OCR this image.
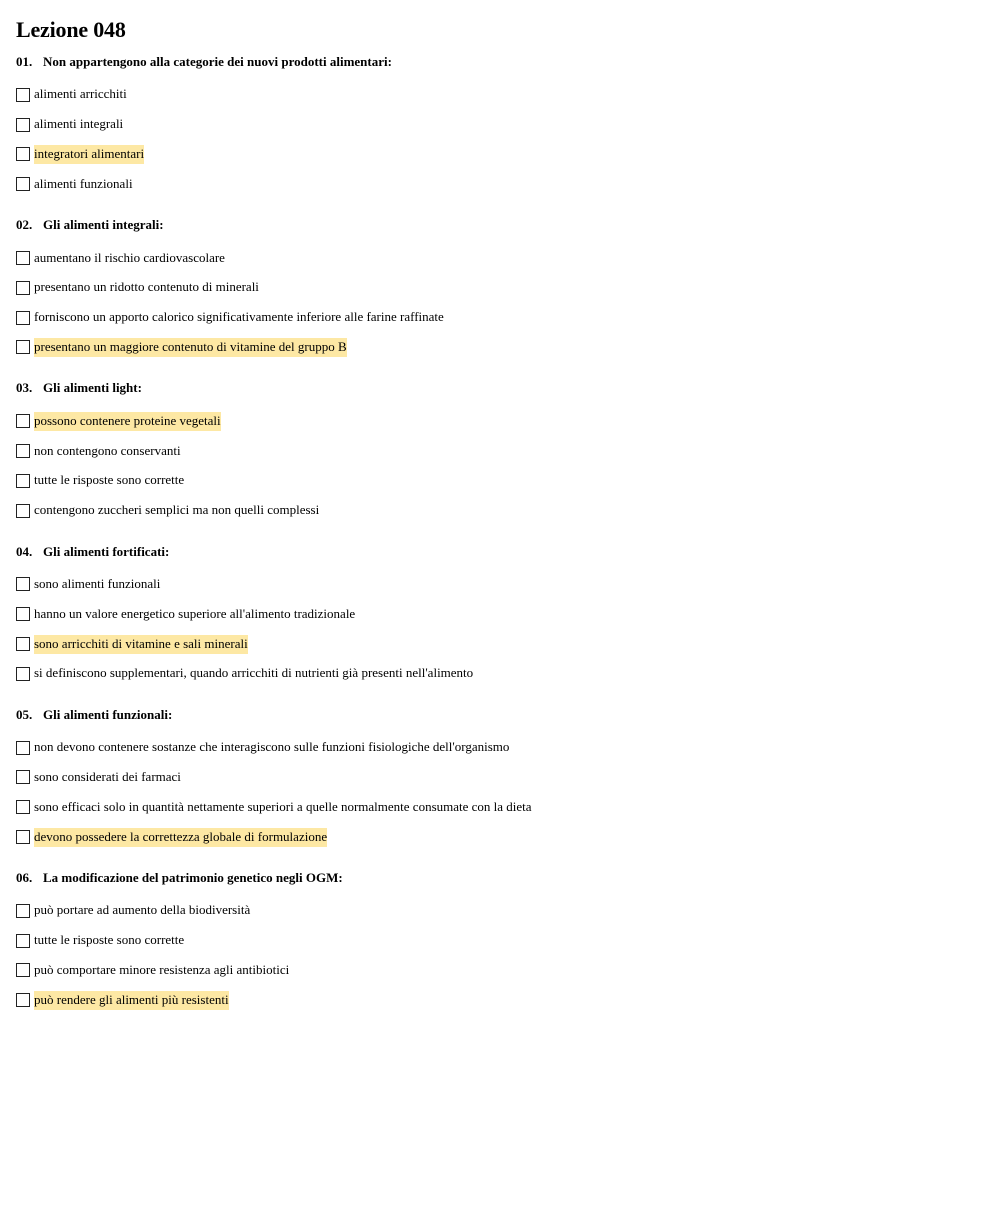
Lezione 048
01. Non appartengono alla categorie dei nuovi prodotti alimentari:
alimenti arricchiti
alimenti integrali
integratori alimentari
alimenti funzionali
02. Gli alimenti integrali:
aumentano il rischio cardiovascolare
presentano un ridotto contenuto di minerali
forniscono un apporto calorico significativamente inferiore alle farine raffinate
presentano un maggiore contenuto di vitamine del gruppo B
03. Gli alimenti light:
possono contenere proteine vegetali
non contengono conservanti
tutte le risposte sono corrette
contengono zuccheri semplici ma non quelli complessi
04. Gli alimenti fortificati:
sono alimenti funzionali
hanno un valore energetico superiore all'alimento tradizionale
sono arricchiti di vitamine e sali minerali
si definiscono supplementari, quando arricchiti di nutrienti già presenti nell'alimento
05. Gli alimenti funzionali:
non devono contenere sostanze che interagiscono sulle funzioni fisiologiche dell'organismo
sono considerati dei farmaci
sono efficaci solo in quantità nettamente superiori a quelle normalmente consumate con la dieta
devono possedere la correttezza globale di formulazione
06. La modificazione del patrimonio genetico negli OGM:
può portare ad aumento della biodiversità
tutte le risposte sono corrette
può comportare minore resistenza agli antibiotici
può rendere gli alimenti più resistenti
